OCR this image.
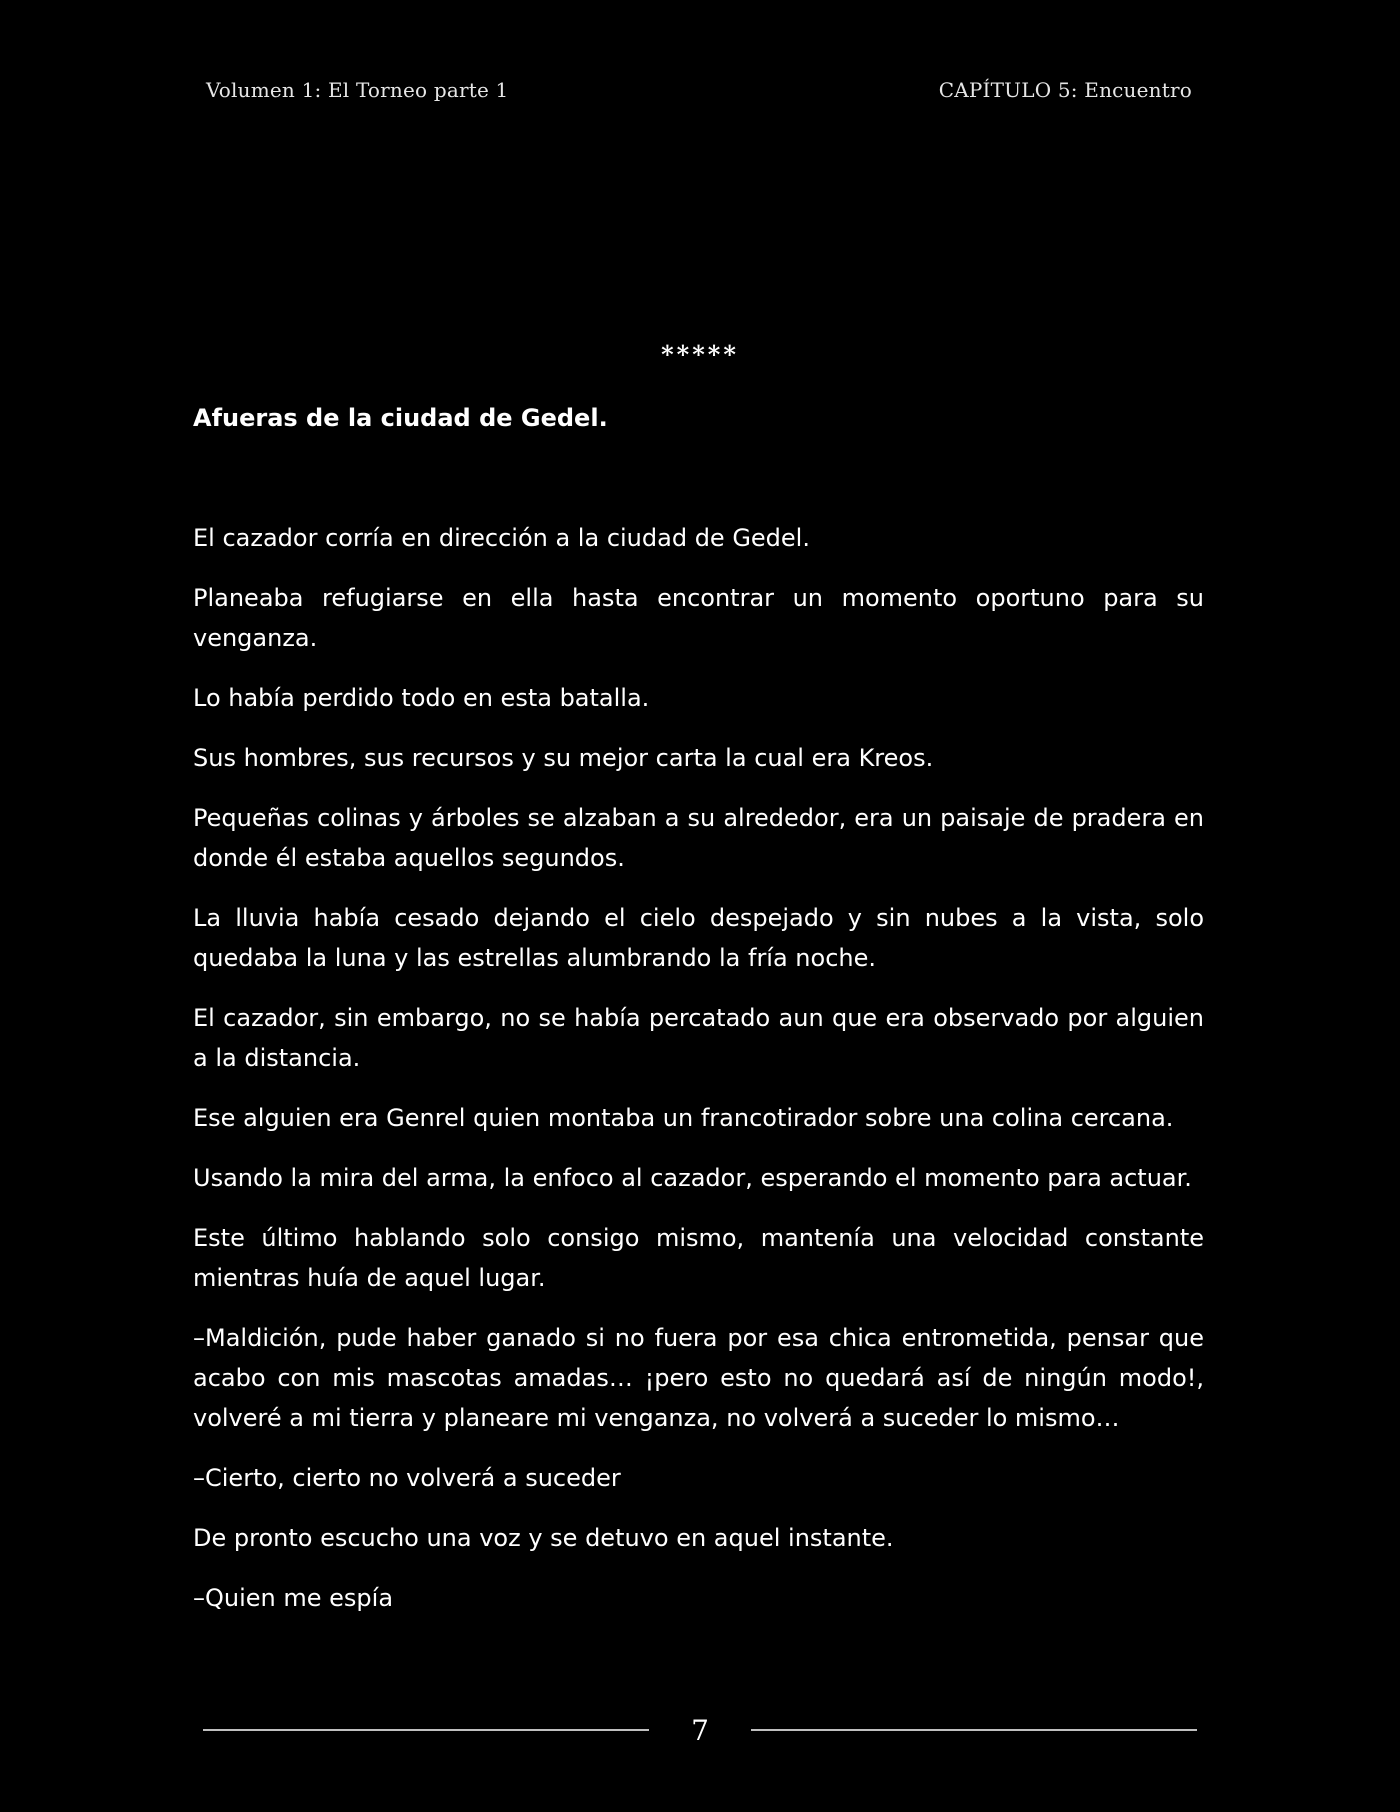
Volumen 1: El Torneo parte 1	CAPÍTULO 5: Encuentro
*****
Afueras de la ciudad de Gedel.

El cazador corría en dirección a la ciudad de Gedel.

Planeaba refugiarse en ella hasta encontrar un momento oportuno para su venganza.

Lo había perdido todo en esta batalla.

Sus hombres, sus recursos y su mejor carta la cual era Kreos.

Pequeñas colinas y árboles se alzaban a su alrededor, era un paisaje de pradera en donde él estaba aquellos segundos.

La lluvia había cesado dejando el cielo despejado y sin nubes a la vista, solo quedaba la luna y las estrellas alumbrando la fría noche.

El cazador, sin embargo, no se había percatado aun que era observado por alguien a la distancia.

Ese alguien era Genrel quien montaba un francotirador sobre una colina cercana.

Usando la mira del arma, la enfoco al cazador, esperando el momento para actuar.

Este último hablando solo consigo mismo, mantenía una velocidad constante mientras huía de aquel lugar.

–Maldición, pude haber ganado si no fuera por esa chica entrometida, pensar que acabo con mis mascotas amadas… ¡pero esto no quedará así de ningún modo!, volveré a mi tierra y planeare mi venganza, no volverá a suceder lo mismo…

–Cierto, cierto no volverá a suceder

De pronto escucho una voz y se detuvo en aquel instante.

–Quien me espía

7
